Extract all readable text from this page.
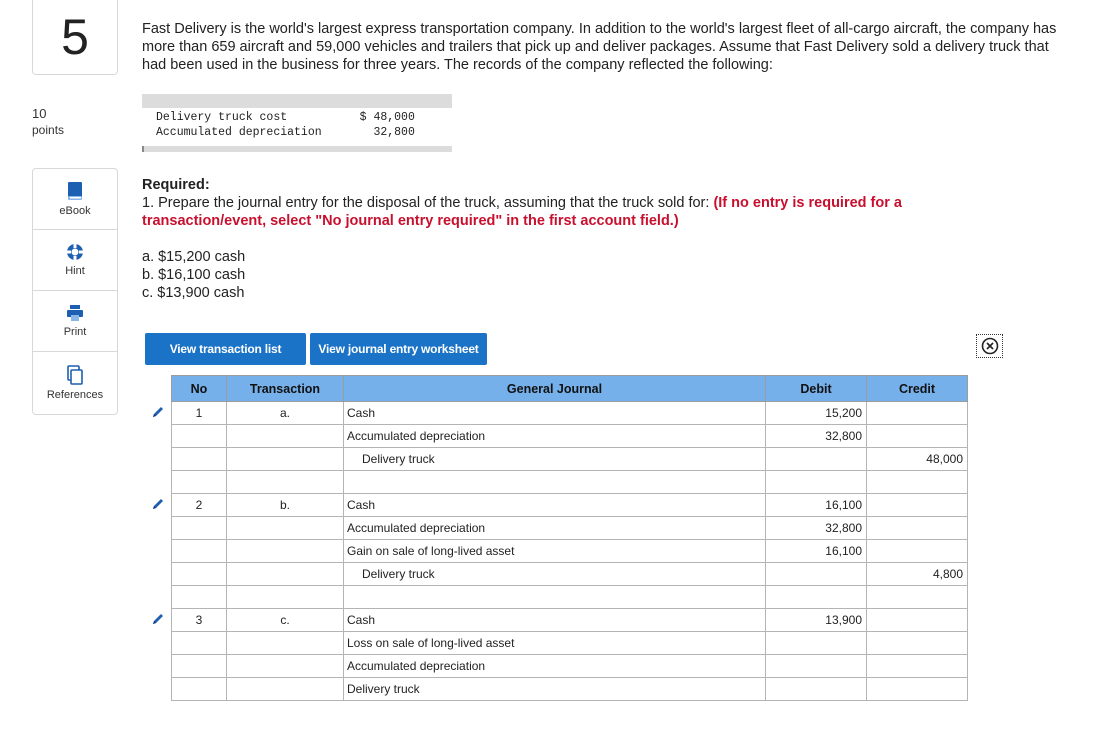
5
10
points
eBook
Hint
Print
References

Fast Delivery is the world's largest express transportation company. In addition to the world's largest fleet of all-cargo aircraft, the company has more than 659 aircraft and 59,000 vehicles and trailers that pick up and deliver packages. Assume that Fast Delivery sold a delivery truck that had been used in the business for three years. The records of the company reflected the following:

Delivery truck cost	$ 48,000
Accumulated depreciation	32,800
Required:
1. Prepare the journal entry for the disposal of the truck, assuming that the truck sold for: (If no entry is required for a transaction/event, select "No journal entry required" in the first account field.)
a. $15,200 cash
b. $16,100 cash
c. $13,900 cash
View transaction list	View journal entry worksheet
No	Transaction	General Journal	Debit	Credit
1	a.	Cash	15,200	
		Accumulated depreciation	32,800	
		Delivery truck		48,000

2	b.	Cash	16,100	
		Accumulated depreciation	32,800	
		Gain on sale of long-lived asset	16,100	
		Delivery truck		4,800

3	c.	Cash	13,900	
		Loss on sale of long-lived asset		
		Accumulated depreciation		
		Delivery truck		
